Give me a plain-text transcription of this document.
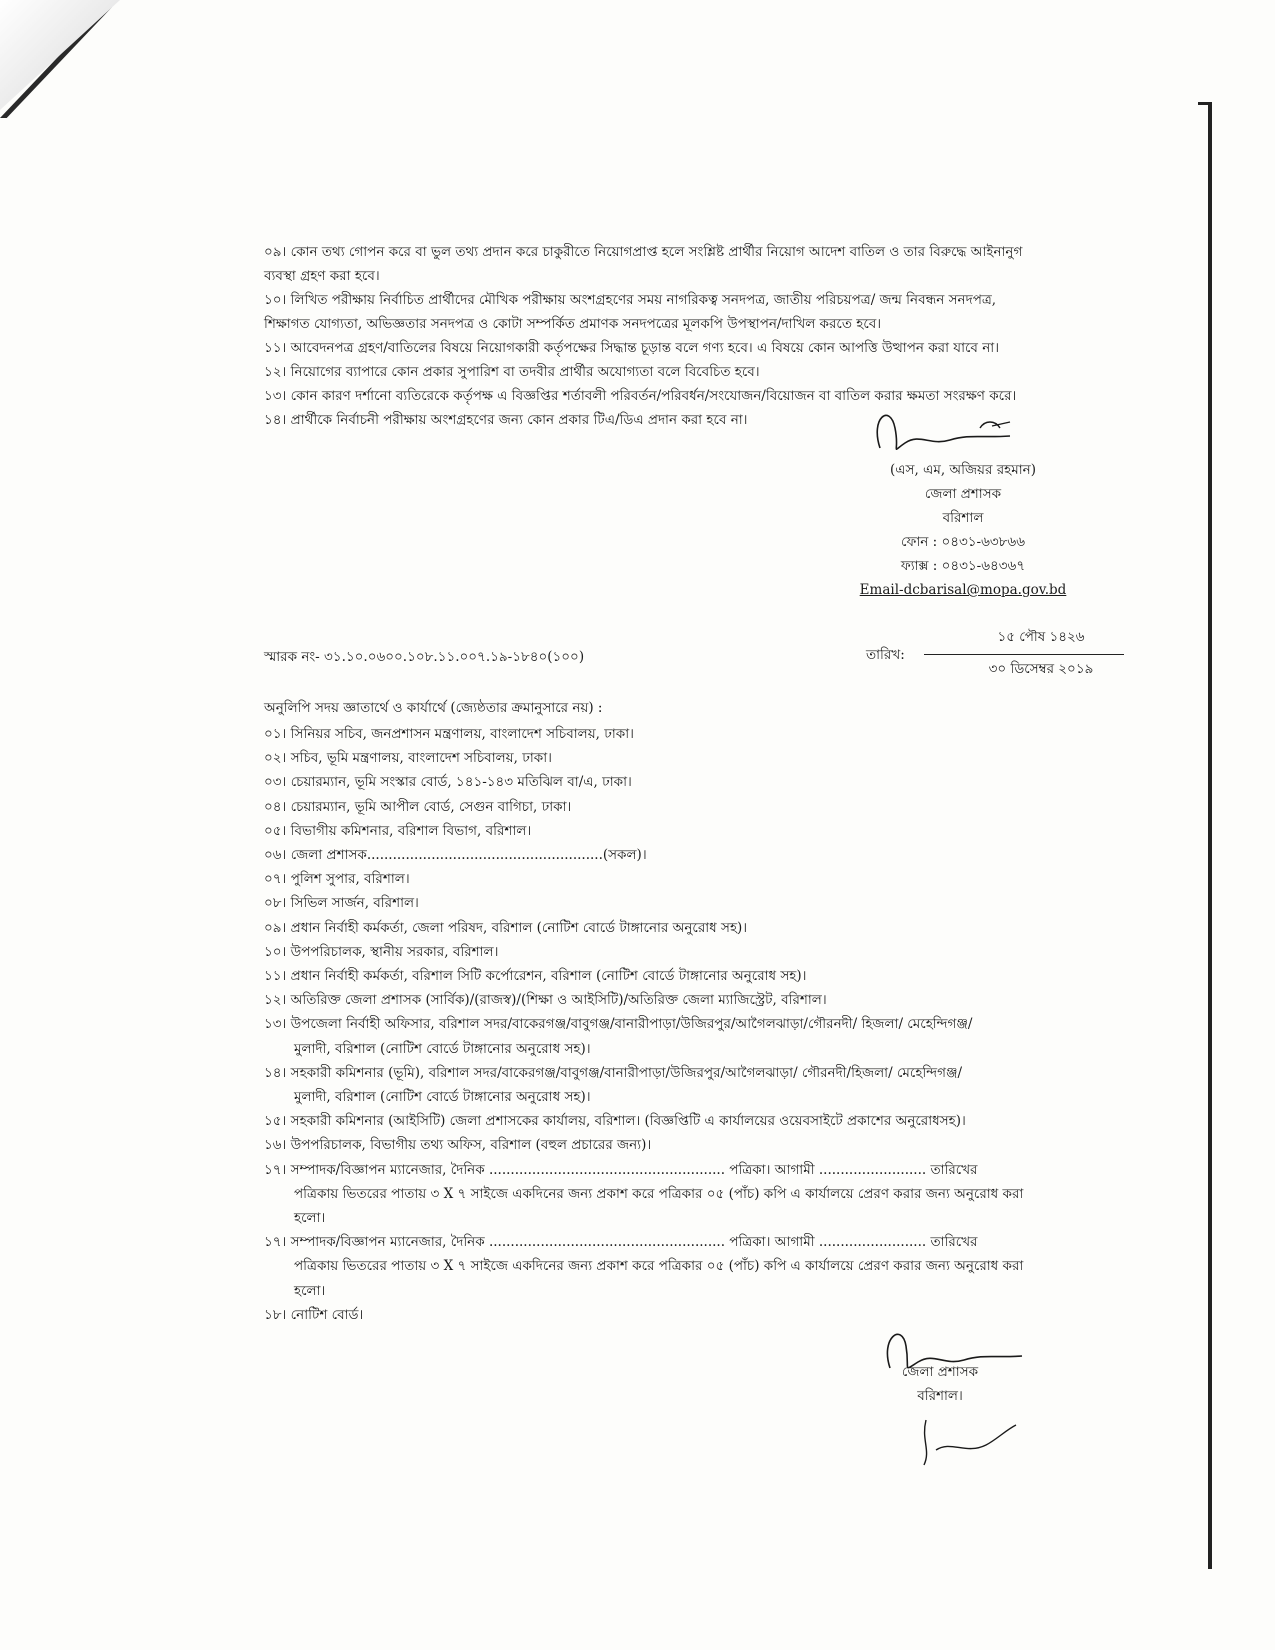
০৯। কোন তথ্য গোপন করে বা ভুল তথ্য প্রদান করে চাকুরীতে নিয়োগপ্রাপ্ত হলে সংশ্লিষ্ট প্রার্থীর নিয়োগ আদেশ বাতিল ও তার বিরুদ্ধে আইনানুগ

ব্যবস্থা গ্রহণ করা হবে।

১০। লিখিত পরীক্ষায় নির্বাচিত প্রার্থীদের মৌখিক পরীক্ষায় অংশগ্রহণের সময় নাগরিকত্ব সনদপত্র, জাতীয় পরিচয়পত্র/ জন্ম নিবন্ধন সনদপত্র,

শিক্ষাগত যোগ্যতা, অভিজ্ঞতার সনদপত্র ও কোটা সম্পর্কিত প্রমাণক সনদপত্রের মূলকপি উপস্থাপন/দাখিল করতে হবে।

১১। আবেদনপত্র গ্রহণ/বাতিলের বিষয়ে নিয়োগকারী কর্তৃপক্ষের সিদ্ধান্ত চূড়ান্ত বলে গণ্য হবে। এ বিষয়ে কোন আপত্তি উত্থাপন করা যাবে না।

১২। নিয়োগের ব্যাপারে কোন প্রকার সুপারিশ বা তদবীর প্রার্থীর অযোগ্যতা বলে বিবেচিত হবে।

১৩। কোন কারণ দর্শানো ব্যতিরেকে কর্তৃপক্ষ এ বিজ্ঞপ্তির শর্তাবলী পরিবর্তন/পরিবর্ধন/সংযোজন/বিয়োজন বা বাতিল করার ক্ষমতা সংরক্ষণ করে।

১৪। প্রার্থীকে নির্বাচনী পরীক্ষায় অংশগ্রহণের জন্য কোন প্রকার টিএ/ডিএ প্রদান করা হবে না।

(এস, এম, অজিয়র রহমান)
জেলা প্রশাসক
বরিশাল
ফোন : ০৪৩১-৬৩৮৬৬
ফ্যাক্স : ০৪৩১-৬৪৩৬৭
Email-dcbarisal@mopa.gov.bd
স্মারক নং- ৩১.১০.০৬০০.১০৮.১১.০০৭.১৯-১৮৪০(১০০)	তারিখ:
১৫ পৌষ ১৪২৬
৩০ ডিসেম্বর ২০১৯
অনুলিপি সদয় জ্ঞাতার্থে ও কার্যার্থে (জ্যেষ্ঠতার ক্রমানুসারে নয়) :

০১। সিনিয়র সচিব, জনপ্রশাসন মন্ত্রণালয়, বাংলাদেশ সচিবালয়, ঢাকা।

০২। সচিব, ভূমি মন্ত্রণালয়, বাংলাদেশ সচিবালয়, ঢাকা।

০৩। চেয়ারম্যান, ভূমি সংস্কার বোর্ড, ১৪১-১৪৩ মতিঝিল বা/এ, ঢাকা।

০৪। চেয়ারম্যান, ভূমি আপীল বোর্ড, সেগুন বাগিচা, ঢাকা।

০৫। বিভাগীয় কমিশনার, বরিশাল বিভাগ, বরিশাল।

০৬। জেলা প্রশাসক.......................................................(সকল)।

০৭। পুলিশ সুপার, বরিশাল।

০৮। সিভিল সার্জন, বরিশাল।

০৯। প্রধান নির্বাহী কর্মকর্তা, জেলা পরিষদ, বরিশাল (নোটিশ বোর্ডে টাঙ্গানোর অনুরোধ সহ)।

১০। উপপরিচালক, স্থানীয় সরকার, বরিশাল।

১১। প্রধান নির্বাহী কর্মকর্তা, বরিশাল সিটি কর্পোরেশন, বরিশাল (নোটিশ বোর্ডে টাঙ্গানোর অনুরোধ সহ)।

১২। অতিরিক্ত জেলা প্রশাসক (সার্বিক)/(রাজস্ব)/(শিক্ষা ও আইসিটি)/অতিরিক্ত জেলা ম্যাজিস্ট্রেট, বরিশাল।

১৩। উপজেলা নির্বাহী অফিসার, বরিশাল সদর/বাকেরগঞ্জ/বাবুগঞ্জ/বানারীপাড়া/উজিরপুর/আগৈলঝাড়া/গৌরনদী/ হিজলা/ মেহেন্দিগঞ্জ/

মুলাদী, বরিশাল (নোটিশ বোর্ডে টাঙ্গানোর অনুরোধ সহ)।

১৪। সহকারী কমিশনার (ভূমি), বরিশাল সদর/বাকেরগঞ্জ/বাবুগঞ্জ/বানারীপাড়া/উজিরপুর/আগৈলঝাড়া/ গৌরনদী/হিজলা/ মেহেন্দিগঞ্জ/

মুলাদী, বরিশাল (নোটিশ বোর্ডে টাঙ্গানোর অনুরোধ সহ)।

১৫। সহকারী কমিশনার (আইসিটি) জেলা প্রশাসকের কার্যালয়, বরিশাল। (বিজ্ঞপ্তিটি এ কার্যালয়ের ওয়েবসাইটে প্রকাশের অনুরোধসহ)।

১৬। উপপরিচালক, বিভাগীয় তথ্য অফিস, বরিশাল (বহুল প্রচারের জন্য)।

১৭। সম্পাদক/বিজ্ঞাপন ম্যানেজার, দৈনিক ....................................................... পত্রিকা। আগামী ......................... তারিখের

পত্রিকায় ভিতরের পাতায় ৩ X ৭ সাইজে একদিনের জন্য প্রকাশ করে পত্রিকার ০৫ (পাঁচ) কপি এ কার্যালয়ে প্রেরণ করার জন্য অনুরোধ করা

হলো।

১৭। সম্পাদক/বিজ্ঞাপন ম্যানেজার, দৈনিক ....................................................... পত্রিকা। আগামী ......................... তারিখের

পত্রিকায় ভিতরের পাতায় ৩ X ৭ সাইজে একদিনের জন্য প্রকাশ করে পত্রিকার ০৫ (পাঁচ) কপি এ কার্যালয়ে প্রেরণ করার জন্য অনুরোধ করা

হলো।

১৮। নোটিশ বোর্ড।

জেলা প্রশাসক
বরিশাল।
